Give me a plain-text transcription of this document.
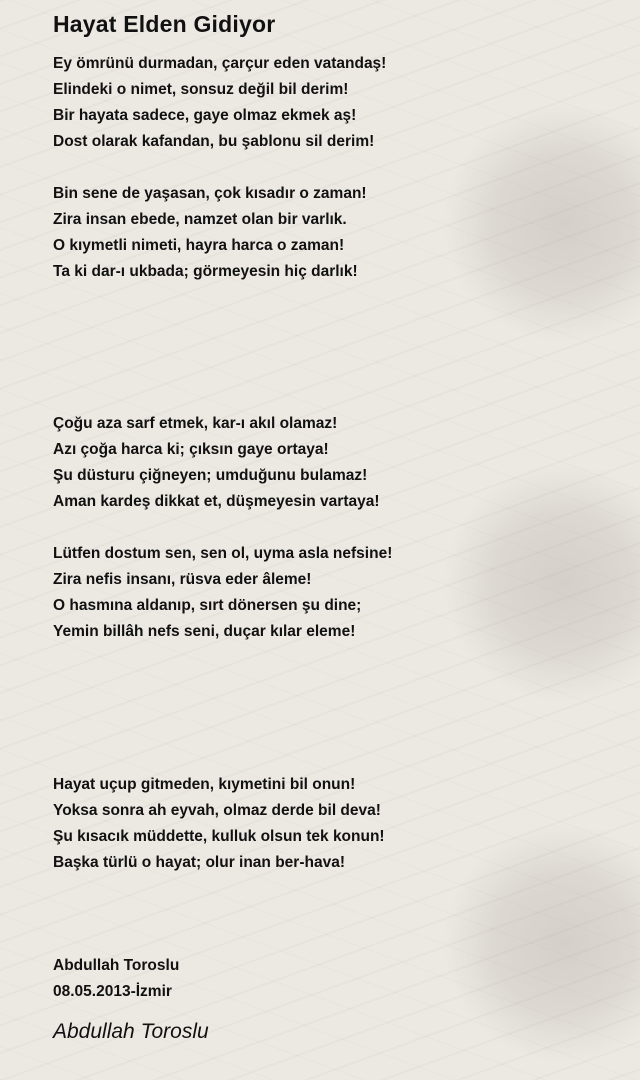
Hayat Elden Gidiyor
Ey ömrünü durmadan, çarçur eden vatandaş!
Elindeki o nimet, sonsuz değil bil derim!
Bir hayata sadece, gaye olmaz ekmek aş!
Dost olarak kafandan, bu şablonu sil derim!
Bin sene de yaşasan, çok kısadır o zaman!
Zira insan ebede, namzet olan bir varlık.
O kıymetli nimeti, hayra harca o zaman!
Ta ki dar-ı ukbada; görmeyesin hiç darlık!
Çoğu aza sarf etmek, kar-ı akıl olamaz!
Azı çoğa harca ki; çıksın gaye ortaya!
Şu düsturu çiğneyen; umduğunu bulamaz!
Aman kardeş dikkat et, düşmeyesin vartaya!
Lütfen dostum sen, sen ol, uyma asla nefsine!
Zira nefis insanı, rüsva eder âleme!
O hasmına aldanıp, sırt dönersen şu dine;
Yemin billâh nefs seni, duçar kılar eleme!
Hayat uçup gitmeden, kıymetini bil onun!
Yoksa sonra ah eyvah, olmaz derde bil deva!
Şu kısacık müddette, kulluk olsun tek konun!
Başka türlü o hayat; olur inan ber-hava!
Abdullah Toroslu
08.05.2013-İzmir
Abdullah Toroslu
